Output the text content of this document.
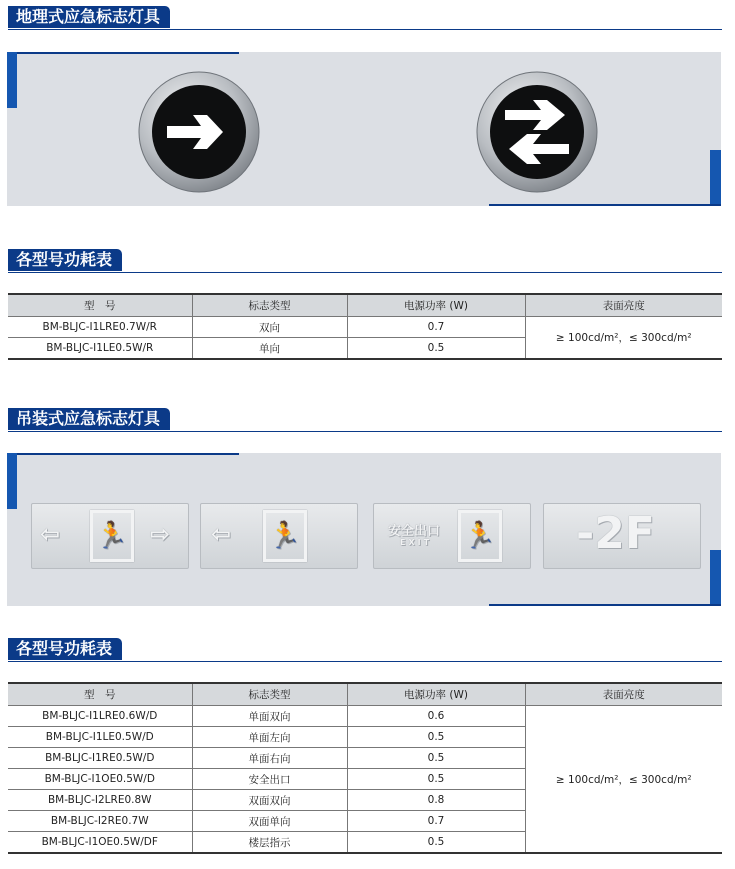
地理式应急标志灯具
各型号功耗表
型　号	标志类型	电源功率 (W)	表面亮度
BM-BLJC-I1LRE0.7W/R	双向	0.7	≥ 100cd/m²，≤ 300cd/m²
BM-BLJC-I1LE0.5W/R	单向	0.5	
吊装式应急标志灯具
⇦ 🏃 ⇨ ⇦ 🏃	安全出口
EXIT 🏃 -2F
各型号功耗表
型　号	标志类型	电源功率 (W)	表面亮度
BM-BLJC-I1LRE0.6W/D	单面双向	0.6	≥ 100cd/m²，≤ 300cd/m²
BM-BLJC-I1LE0.5W/D	单面左向	0.5	
BM-BLJC-I1RE0.5W/D	单面右向	0.5	
BM-BLJC-I1OE0.5W/D	安全出口	0.5	
BM-BLJC-I2LRE0.8W	双面双向	0.8	
BM-BLJC-I2RE0.7W	双面单向	0.7	
BM-BLJC-I1OE0.5W/DF	楼层指示	0.5	
